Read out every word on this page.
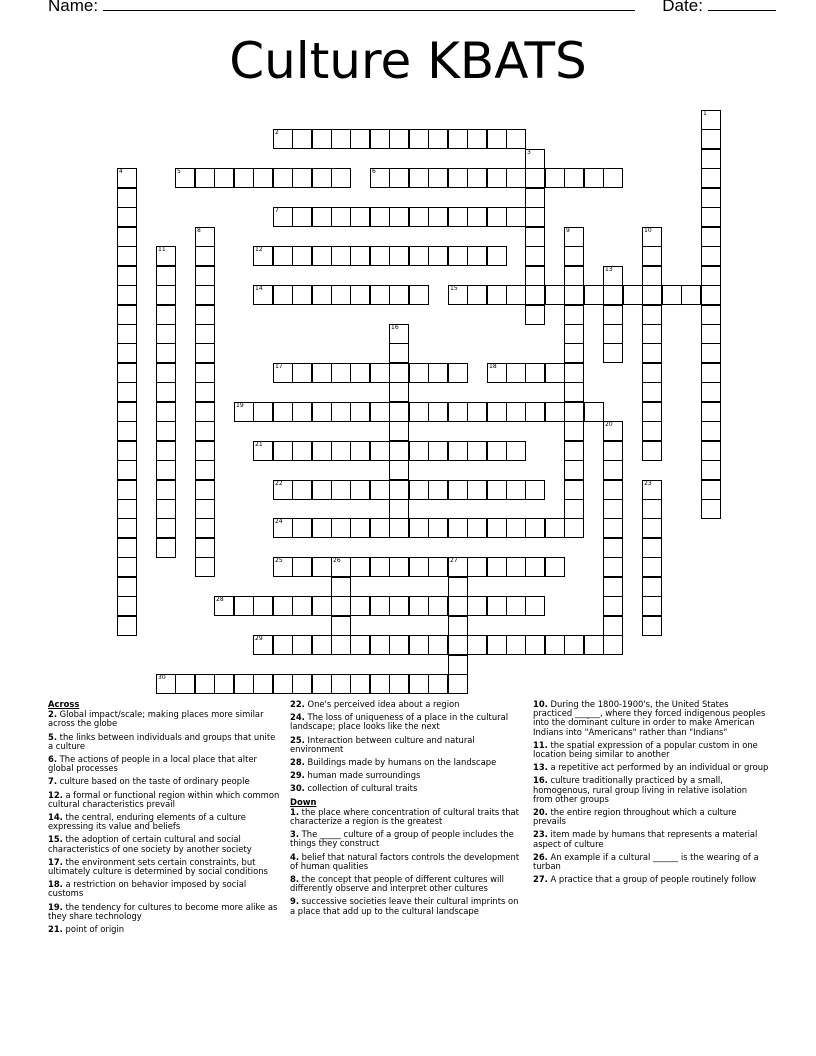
Name:	Date:
Culture KBATS
1
2
3
4	5	6
7
8	9	10
11	12
13
14	15
16
17	18
19
20
21
22	23
24
25	26	27
28
29
30
Across
2. Global impact/scale; making places more similar across the globe
5. the links between individuals and groups that unite a culture
6. The actions of people in a local place that alter global processes
7. culture based on the taste of ordinary people
12. a formal or functional region within which common cultural characteristics prevail
14. the central, enduring elements of a culture expressing its value and beliefs
15. the adoption of certain cultural and social characteristics of one society by another society
17. the environment sets certain constraints, but ultimately culture is determined by social conditions
18. a restriction on behavior imposed by social customs
19. the tendency for cultures to become more alike as they share technology
21. point of origin
22. One's perceived idea about a region
24. The loss of uniqueness of a place in the cultural landscape; place looks like the next
25. Interaction between culture and natural environment
28. Buildings made by humans on the landscape
29. human made surroundings
30. collection of cultural traits
Down
1. the place where concentration of cultural traits that characterize a region is the greatest
3. The _____ culture of a group of people includes the things they construct
4. belief that natural factors controls the development of human qualities
8. the concept that people of different cultures will differently observe and interpret other cultures
9. successive societies leave their cultural imprints on a place that add up to the cultural landscape
10. During the 1800-1900's, the United States practiced ______, where they forced indigenous peoples into the dominant culture in order to make American Indians into "Americans" rather than "Indians"
11. the spatial expression of a popular custom in one location being similar to another
13. a repetitive act performed by an individual or group
16. culture traditionally practiced by a small, homogenous, rural group living in relative isolation from other groups
20. the entire region throughout which a culture prevails
23. item made by humans that represents a material aspect of culture
26. An example if a cultural ______ is the wearing of a turban
27. A practice that a group of people routinely follow
